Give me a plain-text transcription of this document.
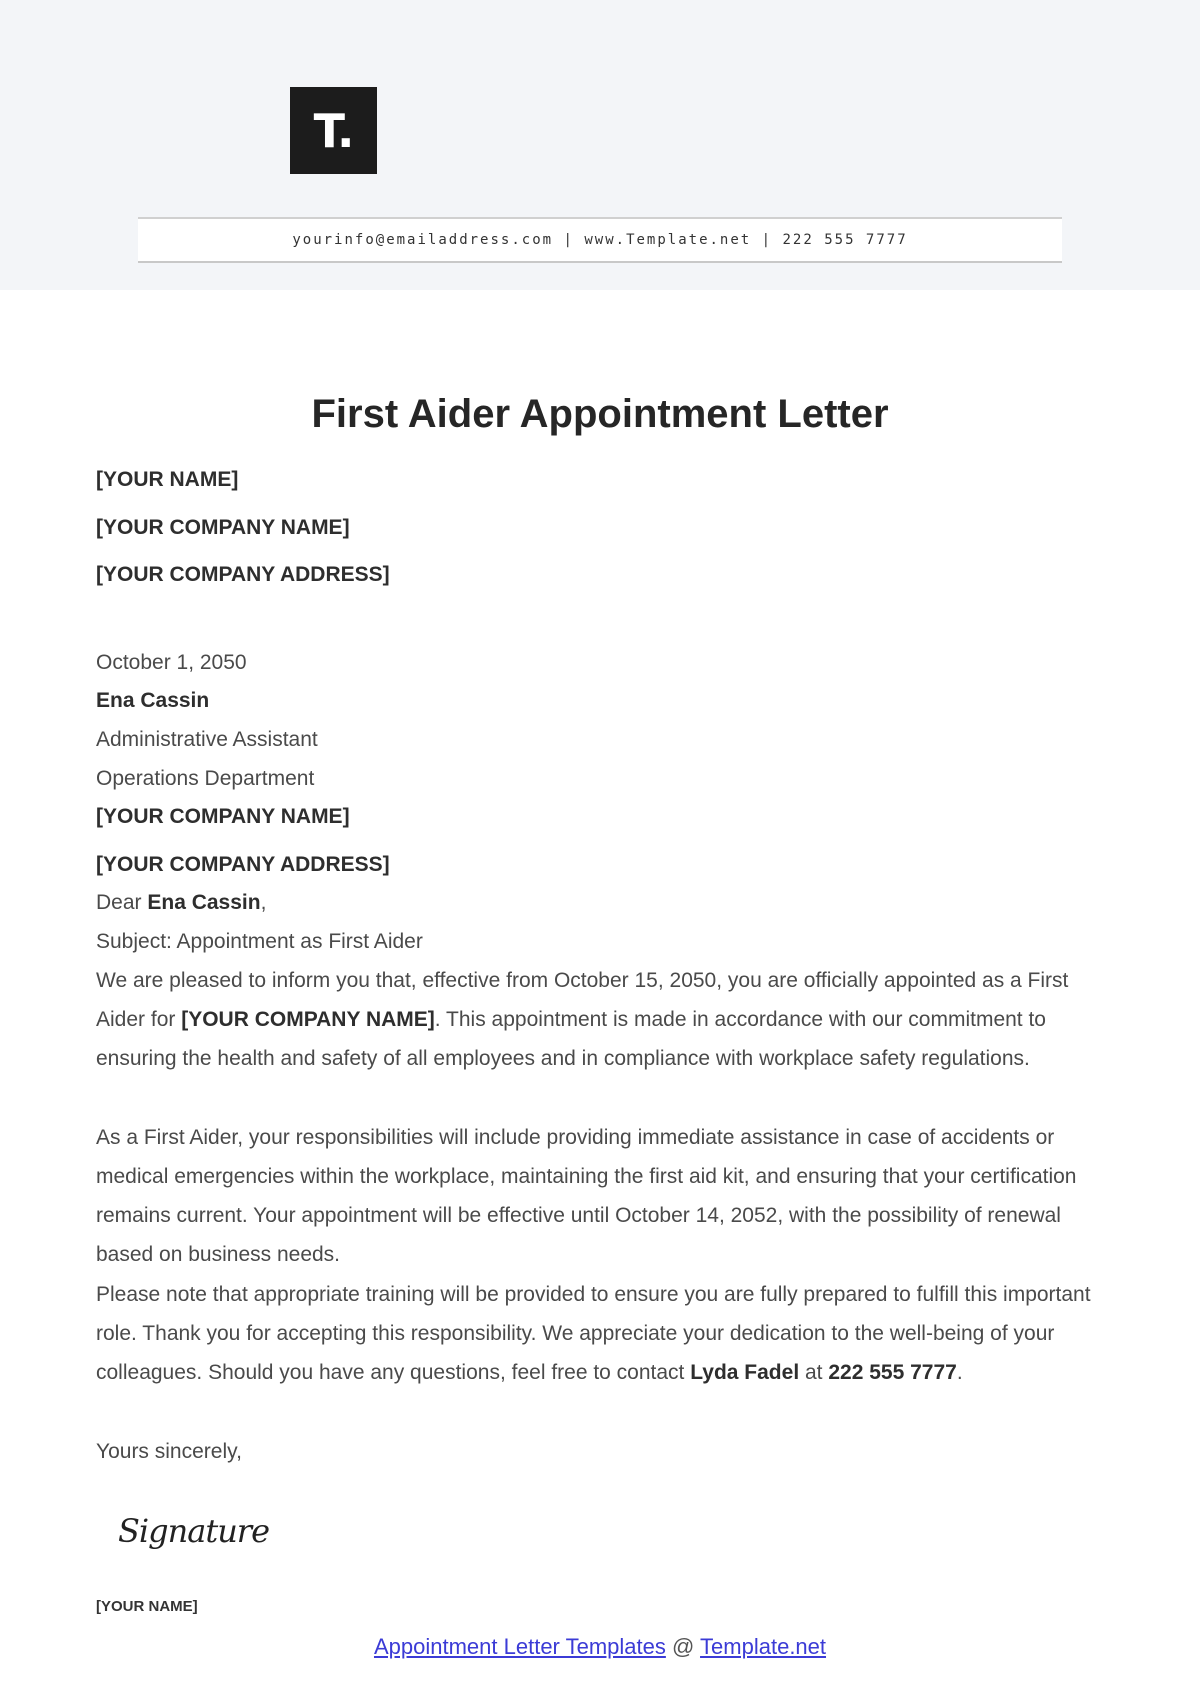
T.
yourinfo@emailaddress.com | www.Template.net | 222 555 7777
First Aider Appointment Letter
[YOUR NAME]
[YOUR COMPANY NAME]
[YOUR COMPANY ADDRESS]
October 1, 2050
Ena Cassin
Administrative Assistant
Operations Department
[YOUR COMPANY NAME]
[YOUR COMPANY ADDRESS]
Dear Ena Cassin,
Subject: Appointment as First Aider
We are pleased to inform you that, effective from October 15, 2050, you are officially appointed as a First Aider for [YOUR COMPANY NAME]. This appointment is made in accordance with our commitment to ensuring the health and safety of all employees and in compliance with workplace safety regulations.
As a First Aider, your responsibilities will include providing immediate assistance in case of accidents or medical emergencies within the workplace, maintaining the first aid kit, and ensuring that your certification remains current. Your appointment will be effective until October 14, 2052, with the possibility of renewal based on business needs.
Please note that appropriate training will be provided to ensure you are fully prepared to fulfill this important role. Thank you for accepting this responsibility. We appreciate your dedication to the well-being of your colleagues. Should you have any questions, feel free to contact Lyda Fadel at 222 555 7777.
Yours sincerely,
Signature
[YOUR NAME]
Appointment Letter Templates @ Template.net
